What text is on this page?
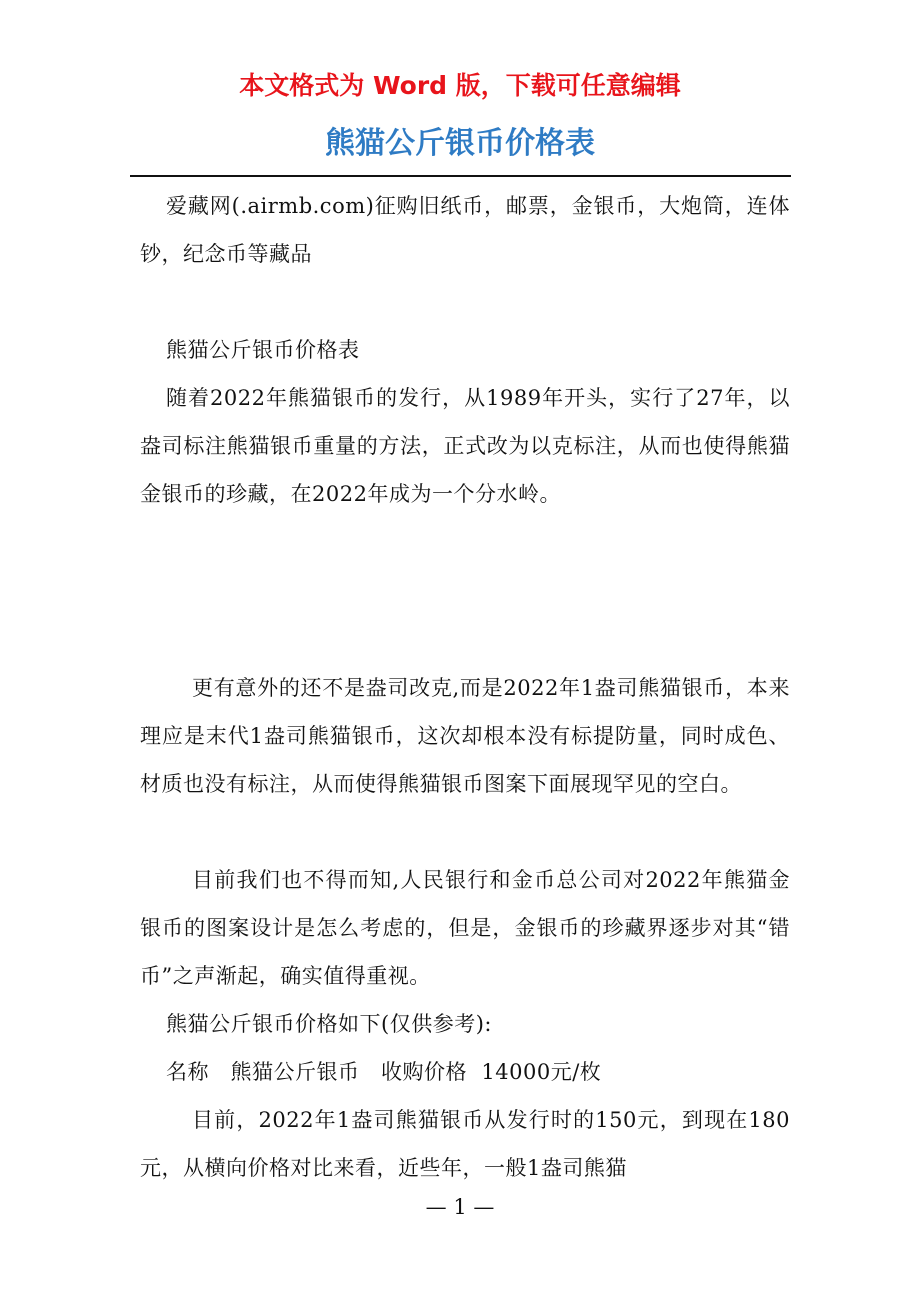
本文格式为 Word 版，下载可任意编辑
熊猫公斤银币价格表

爱藏网(.airmb.com)征购旧纸币，邮票，金银币，大炮筒，连体钞，纪念币等藏品

熊猫公斤银币价格表

随着2022年熊猫银币的发行，从1989年开头，实行了27年，以盎司标注熊猫银币重量的方法，正式改为以克标注，从而也使得熊猫金银币的珍藏，在2022年成为一个分水岭。

更有意外的还不是盎司改克,而是2022年1盎司熊猫银币，本来理应是末代1盎司熊猫银币，这次却根本没有标提防量，同时成色、材质也没有标注，从而使得熊猫银币图案下面展现罕见的空白。

目前我们也不得而知,人民银行和金币总公司对2022年熊猫金银币的图案设计是怎么考虑的，但是，金银币的珍藏界逐步对其“错币”之声渐起，确实值得重视。

熊猫公斤银币价格如下(仅供参考):

名称   熊猫公斤银币   收购价格  14000元/枚

目前，2022年1盎司熊猫银币从发行时的150元，到现在180元，从横向价格对比来看，近些年，一般1盎司熊猫

— 1 —
